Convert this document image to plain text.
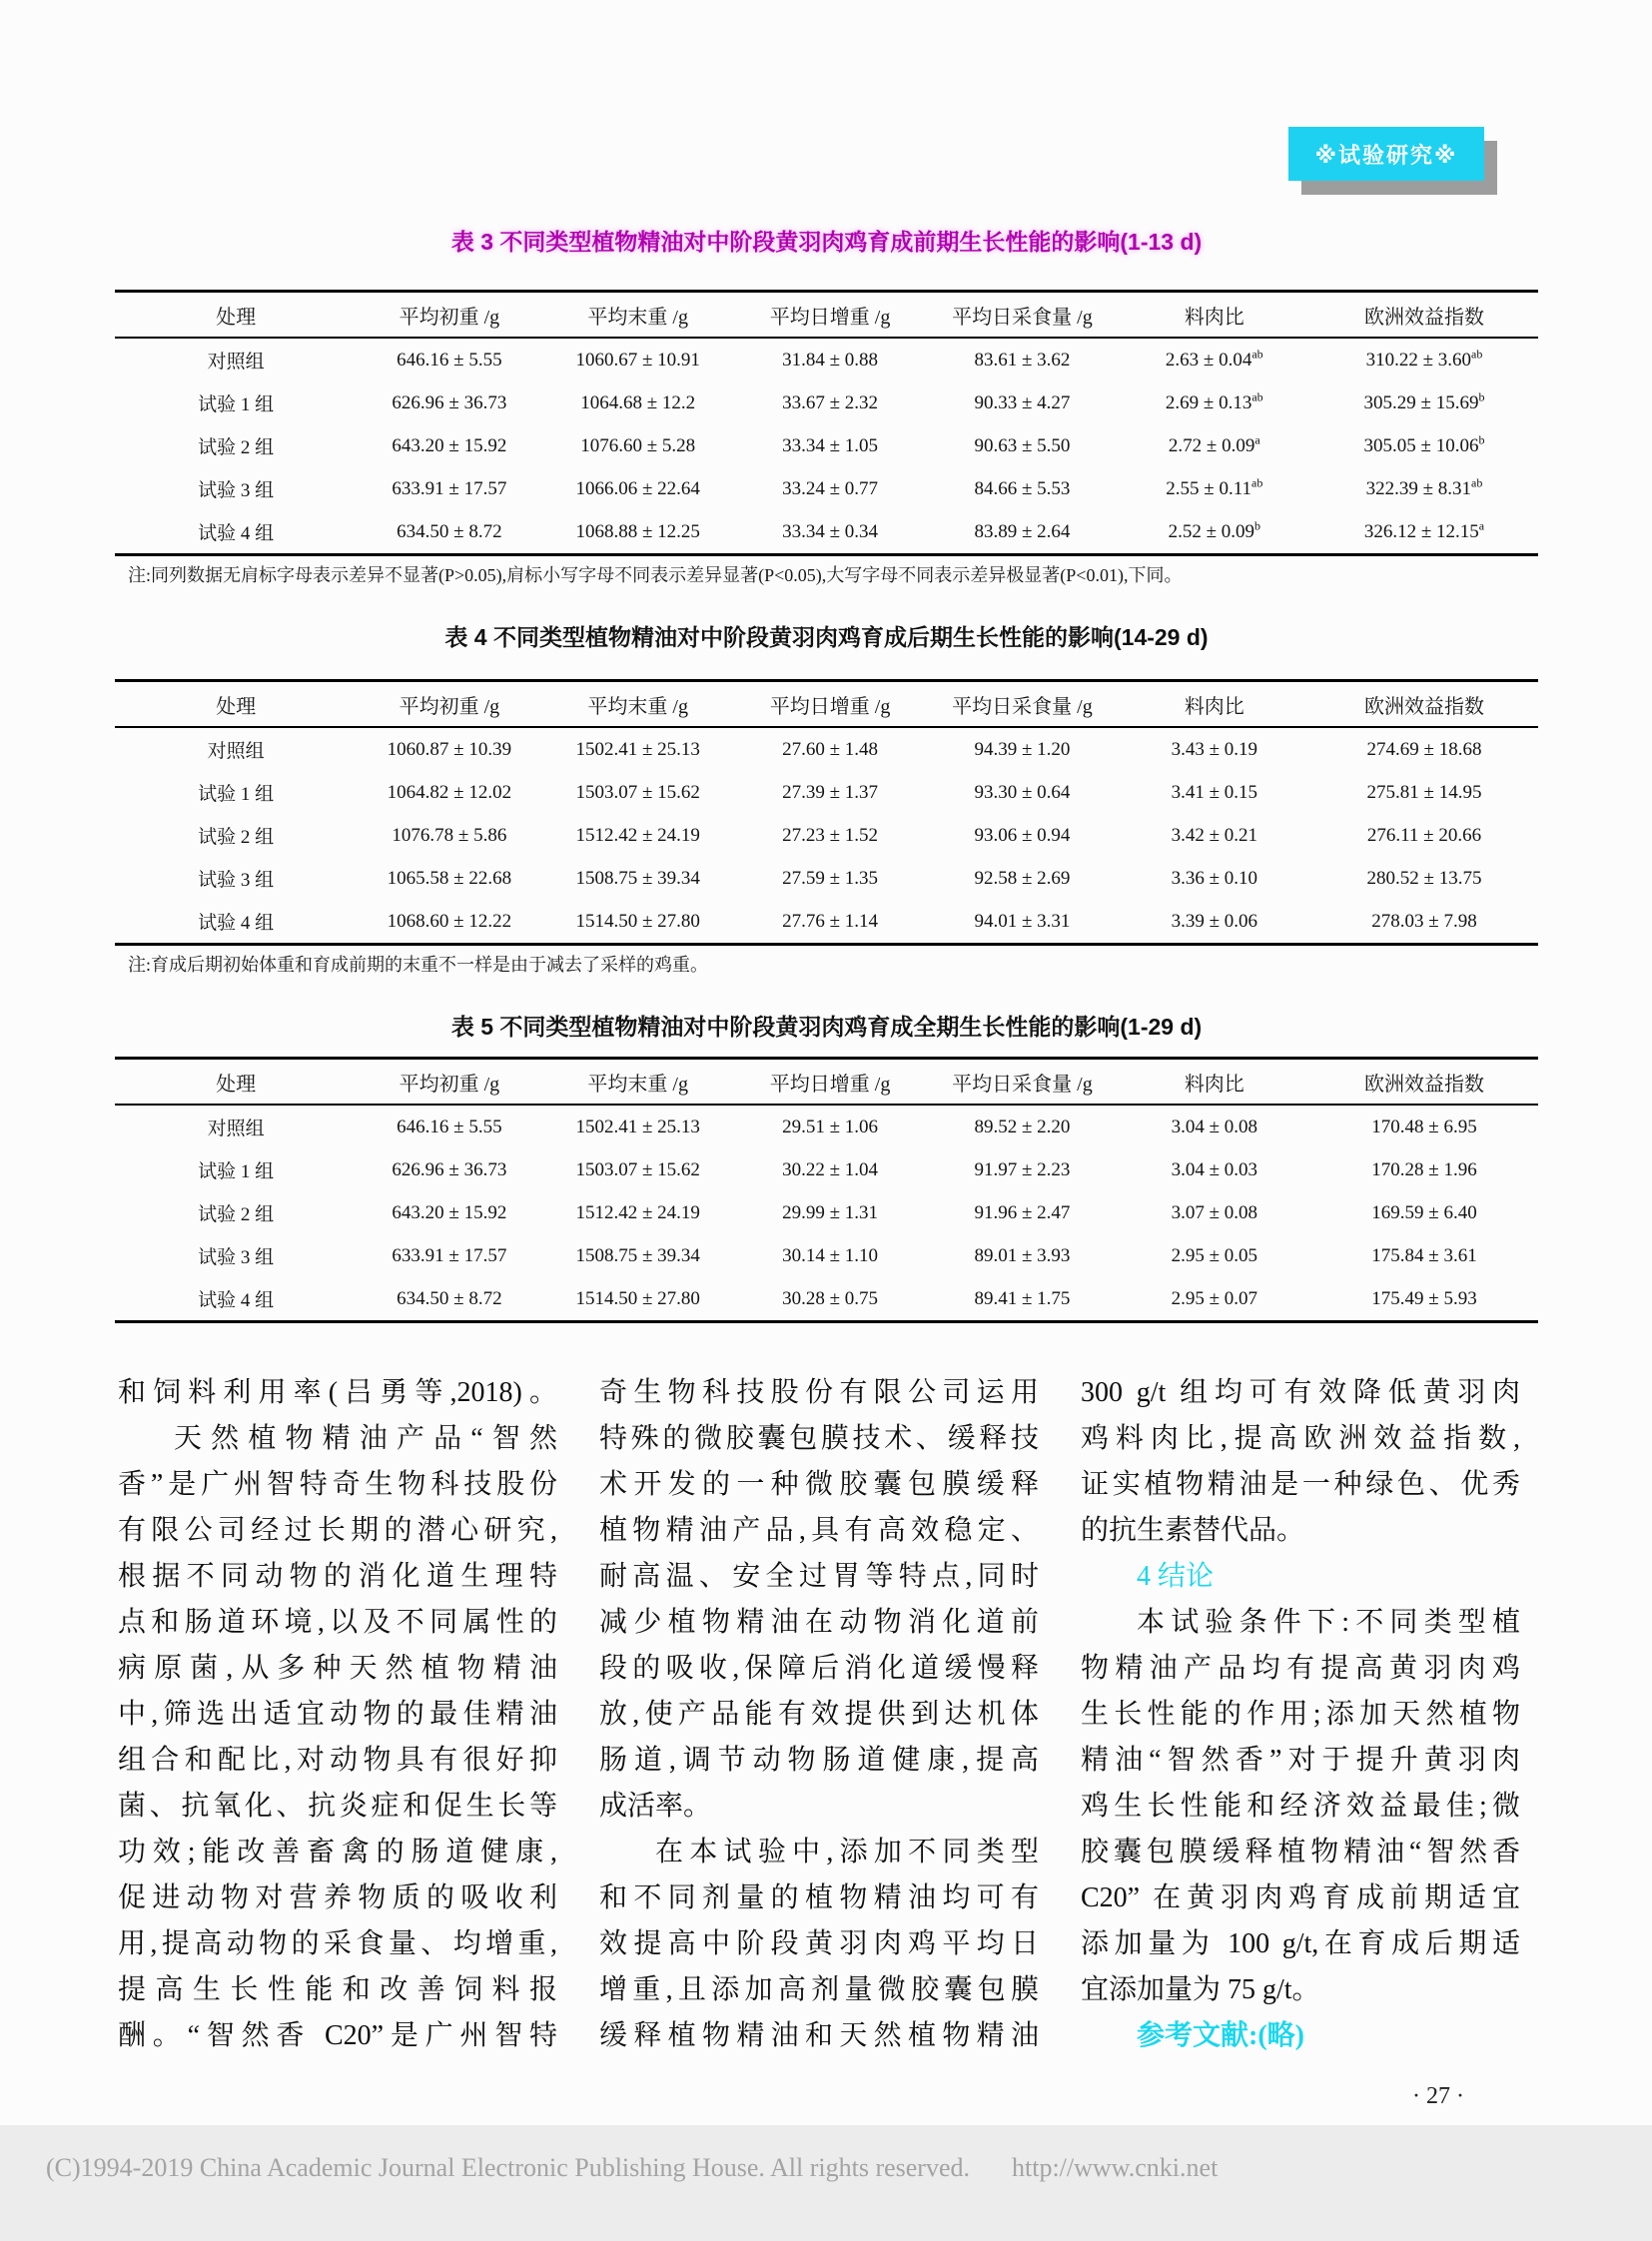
※试验研究※
表 3 不同类型植物精油对中阶段黄羽肉鸡育成前期生长性能的影响(1-13 d)
处理	平均初重 /g	平均末重 /g	平均日增重 /g	平均日采食量 /g	料肉比	欧洲效益指数
对照组	646.16 ± 5.55	1060.67 ± 10.91	31.84 ± 0.88	83.61 ± 3.62	2.63 ± 0.04$^{ab}$	310.22 ± 3.60$^{ab}$
试验 1 组	626.96 ± 36.73	1064.68 ± 12.2	33.67 ± 2.32	90.33 ± 4.27	2.69 ± 0.13$^{ab}$	305.29 ± 15.69$^b$
试验 2 组	643.20 ± 15.92	1076.60 ± 5.28	33.34 ± 1.05	90.63 ± 5.50	2.72 ± 0.09$^a$	305.05 ± 10.06$^b$
试验 3 组	633.91 ± 17.57	1066.06 ± 22.64	33.24 ± 0.77	84.66 ± 5.53	2.55 ± 0.11$^{ab}$	322.39 ± 8.31$^{ab}$
试验 4 组	634.50 ± 8.72	1068.88 ± 12.25	33.34 ± 0.34	83.89 ± 2.64	2.52 ± 0.09$^b$	326.12 ± 12.15$^a$
注:同列数据无肩标字母表示差异不显著(P>0.05),肩标小写字母不同表示差异显著(P<0.05),大写字母不同表示差异极显著(P<0.01),下同。
表 4 不同类型植物精油对中阶段黄羽肉鸡育成后期生长性能的影响(14-29 d)
处理	平均初重 /g	平均末重 /g	平均日增重 /g	平均日采食量 /g	料肉比	欧洲效益指数
对照组	1060.87 ± 10.39	1502.41 ± 25.13	27.60 ± 1.48	94.39 ± 1.20	3.43 ± 0.19	274.69 ± 18.68
试验 1 组	1064.82 ± 12.02	1503.07 ± 15.62	27.39 ± 1.37	93.30 ± 0.64	3.41 ± 0.15	275.81 ± 14.95
试验 2 组	1076.78 ± 5.86	1512.42 ± 24.19	27.23 ± 1.52	93.06 ± 0.94	3.42 ± 0.21	276.11 ± 20.66
试验 3 组	1065.58 ± 22.68	1508.75 ± 39.34	27.59 ± 1.35	92.58 ± 2.69	3.36 ± 0.10	280.52 ± 13.75
试验 4 组	1068.60 ± 12.22	1514.50 ± 27.80	27.76 ± 1.14	94.01 ± 3.31	3.39 ± 0.06	278.03 ± 7.98
注:育成后期初始体重和育成前期的末重不一样是由于减去了采样的鸡重。
表 5 不同类型植物精油对中阶段黄羽肉鸡育成全期生长性能的影响(1-29 d)
处理	平均初重 /g	平均末重 /g	平均日增重 /g	平均日采食量 /g	料肉比	欧洲效益指数
对照组	646.16 ± 5.55	1502.41 ± 25.13	29.51 ± 1.06	89.52 ± 2.20	3.04 ± 0.08	170.48 ± 6.95
试验 1 组	626.96 ± 36.73	1503.07 ± 15.62	30.22 ± 1.04	91.97 ± 2.23	3.04 ± 0.03	170.28 ± 1.96
试验 2 组	643.20 ± 15.92	1512.42 ± 24.19	29.99 ± 1.31	91.96 ± 2.47	3.07 ± 0.08	169.59 ± 6.40
试验 3 组	633.91 ± 17.57	1508.75 ± 39.34	30.14 ± 1.10	89.01 ± 3.93	2.95 ± 0.05	175.84 ± 3.61
试验 4 组	634.50 ± 8.72	1514.50 ± 27.80	30.28 ± 0.75	89.41 ± 1.75	2.95 ± 0.07	175.49 ± 5.93
和饲料利用率(吕勇等,2018)。
天然植物精油产品“智然
香”是广州智特奇生物科技股份
有限公司经过长期的潜心研究,
根据不同动物的消化道生理特
点和肠道环境,以及不同属性的
病原菌,从多种天然植物精油
中,筛选出适宜动物的最佳精油
组合和配比,对动物具有很好抑
菌、抗氧化、抗炎症和促生长等
功效;能改善畜禽的肠道健康,
促进动物对营养物质的吸收利
用,提高动物的采食量、均增重,
提高生长性能和改善饲料报
酬。“智然香 C20”是广州智特
奇生物科技股份有限公司运用
特殊的微胶囊包膜技术、缓释技
术开发的一种微胶囊包膜缓释
植物精油产品,具有高效稳定、
耐高温、安全过胃等特点,同时
减少植物精油在动物消化道前
段的吸收,保障后消化道缓慢释
放,使产品能有效提供到达机体
肠道,调节动物肠道健康,提高
成活率。
在本试验中,添加不同类型
和不同剂量的植物精油均可有
效提高中阶段黄羽肉鸡平均日
增重,且添加高剂量微胶囊包膜
缓释植物精油和天然植物精油
300 g/t 组均可有效降低黄羽肉
鸡料肉比,提高欧洲效益指数,
证实植物精油是一种绿色、优秀
的抗生素替代品。
4 结论
本试验条件下:不同类型植
物精油产品均有提高黄羽肉鸡
生长性能的作用;添加天然植物
精油“智然香”对于提升黄羽肉
鸡生长性能和经济效益最佳;微
胶囊包膜缓释植物精油“智然香
C20” 在黄羽肉鸡育成前期适宜
添加量为 100 g/t,在育成后期适
宜添加量为 75 g/t。
参考文献:(略)
· 27 ·
(C)1994-2019 China Academic Journal Electronic Publishing House. All rights reserved. http://www.cnki.net
